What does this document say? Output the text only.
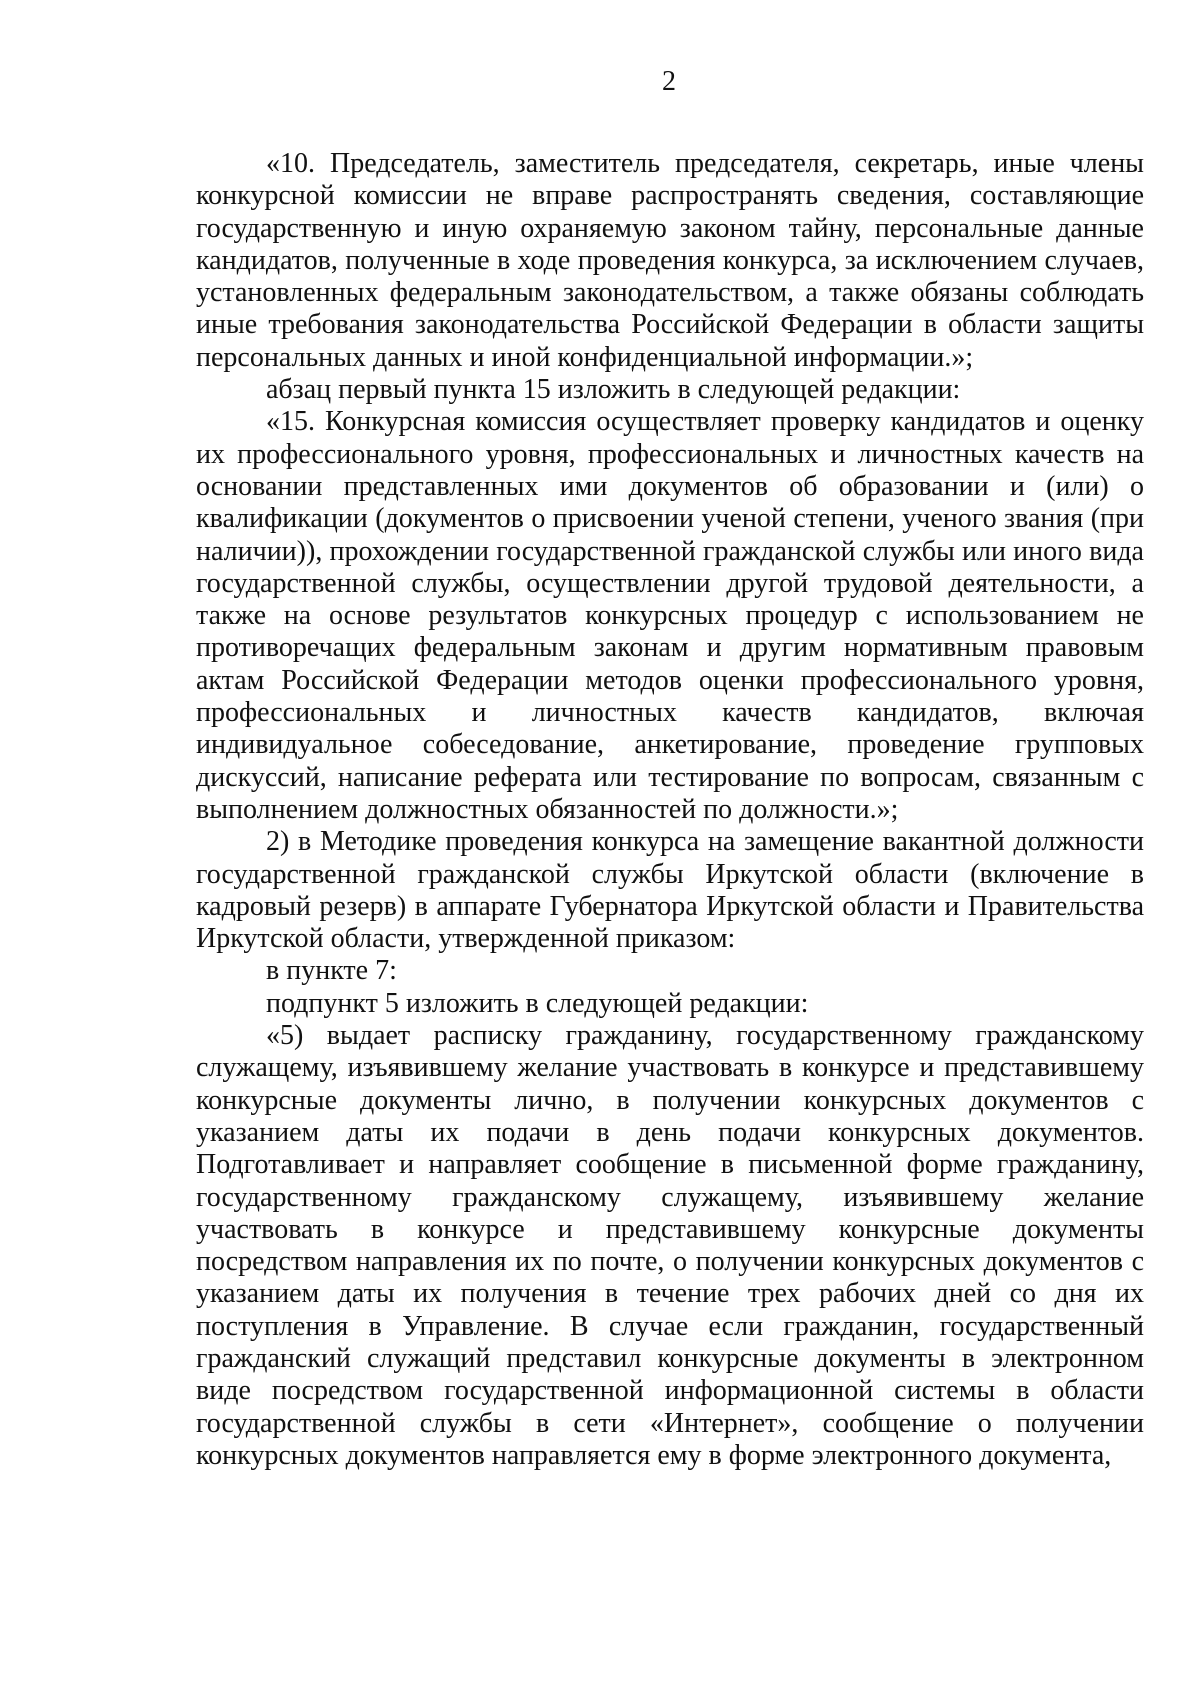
2

«10. Председатель, заместитель председателя, секретарь, иные члены конкурсной комиссии не вправе распространять сведения, составляющие государственную и иную охраняемую законом тайну, персональные данные кандидатов, полученные в ходе проведения конкурса, за исключением случаев, установленных федеральным законодательством, а также обязаны соблюдать иные требования законодательства Российской Федерации в области защиты персональных данных и иной конфиденциальной информации.»;

абзац первый пункта 15 изложить в следующей редакции:

«15. Конкурсная комиссия осуществляет проверку кандидатов и оценку их профессионального уровня, профессиональных и личностных качеств на основании представленных ими документов об образовании и (или) о квалификации (документов о присвоении ученой степени, ученого звания (при наличии)), прохождении государственной гражданской службы или иного вида государственной службы, осуществлении другой трудовой деятельности, а также на основе результатов конкурсных процедур с использованием не противоречащих федеральным законам и другим нормативным правовым актам Российской Федерации методов оценки профессионального уровня, профессиональных и личностных качеств кандидатов, включая индивидуальное собеседование, анкетирование, проведение групповых дискуссий, написание реферата или тестирование по вопросам, связанным с выполнением должностных обязанностей по должности.»;

2) в Методике проведения конкурса на замещение вакантной должности государственной гражданской службы Иркутской области (включение в кадровый резерв) в аппарате Губернатора Иркутской области и Правительства Иркутской области, утвержденной приказом:

в пункте 7:

подпункт 5 изложить в следующей редакции:

«5) выдает расписку гражданину, государственному гражданскому служащему, изъявившему желание участвовать в конкурсе и представившему конкурсные документы лично, в получении конкурсных документов с указанием даты их подачи в день подачи конкурсных документов. Подготавливает и направляет сообщение в письменной форме гражданину, государственному гражданскому служащему, изъявившему желание участвовать в конкурсе и представившему конкурсные документы посредством направления их по почте, о получении конкурсных документов с указанием даты их получения в течение трех рабочих дней со дня их поступления в Управление. В случае если гражданин, государственный гражданский служащий представил конкурсные документы в электронном виде посредством государственной информационной системы в области государственной службы в сети «Интернет», сообщение о получении конкурсных документов направляется ему в форме электронного документа,
